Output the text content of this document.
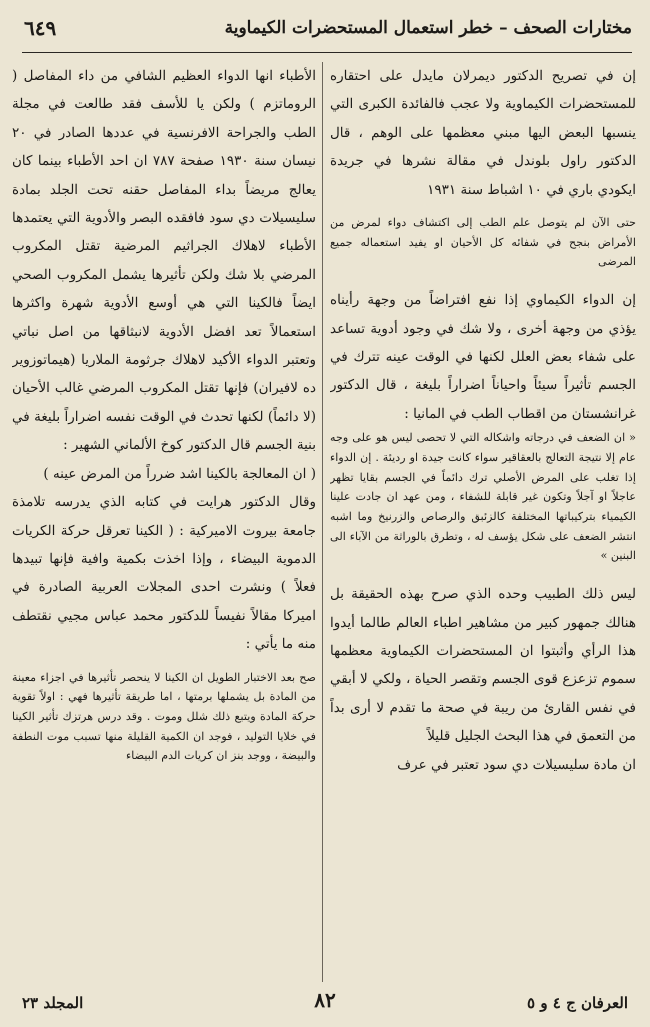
مختارات الصحف – خطر استعمال المستحضرات الكيماوية
٦٤٩

إن في تصريح الدكتور ديمرلان مايدل على احتقاره للمستحضرات الكيماوية ولا عجب فالفائدة الكبرى التي ينسبها البعض اليها مبني معظمها على الوهم ، قال الدكتور راول بلوندل في مقالة نشرها في جريدة ايكودي باري في ١٠ اشباط سنة ١٩٣١

حتى الآن لم يتوصل علم الطب إلى اكتشاف دواء لمرض من الأمراض بنجح في شفائه كل الأحيان او يفيد استعماله جميع المرضى

إن الدواء الكيماوي إذا نفع افتراضاً من وجهة رأيناه يؤذي من وجهة أخرى ، ولا شك في وجود أدوية تساعد على شفاء بعض العلل لكنها في الوقت عينه تترك في الجسم تأثيراً سيئاً واحياناً اضراراً بليغة ، قال الدكتور غرانشستان من اقطاب الطب في المانيا :

« ان الضعف في درجاته واشكاله التي لا تحصى ليس هو على وجه عام إلا نتيجة التعالج بالعقاقير سواء كانت جيدة او رديئة . إن الدواء إذا تغلب على المرض الأصلي ترك دائماً في الجسم بقايا تظهر عاجلاً او آجلاً وتكون غير قابلة للشفاء ، ومن عهد ان جادت علينا الكيمياء بتركيباتها المختلفة كالزئبق والرصاص والزرنيخ وما اشبه انتشر الضعف على شكل يؤسف له ، وتطرق بالوراثة من الآباء الى البنين »

ليس ذلك الطبيب وحده الذي صرح بهذه الحقيقة بل هنالك جمهور كبير من مشاهير اطباء العالم طالما أيدوا هذا الرأي وأثبتوا ان المستحضرات الكيماوية معظمها سموم تزعزع قوى الجسم وتقصر الحياة ، ولكي لا أبقي في نفس القارئ من ريبة في صحة ما تقدم لا أرى بداً من التعمق في هذا البحث الجليل قليلاً

ان مادة سليسيلات دي سود تعتبر في عرف

الأطباء انها الدواء العظيم الشافي من داء المفاصل ( الروماتزم ) ولكن يا للأسف فقد طالعت في مجلة الطب والجراحة الافرنسية في عددها الصادر في ٢٠ نيسان سنة ١٩٣٠ صفحة ٧٨٧ ان احد الأطباء بينما كان يعالج مريضاً بداء المفاصل حقنه تحت الجلد بمادة سليسيلات دي سود فافقده البصر والأدوية التي يعتمدها الأطباء لاهلاك الجراثيم المرضية تقتل المكروب المرضي بلا شك ولكن تأثيرها يشمل المكروب الصحي ايضاً فالكينا التي هي أوسع الأدوية شهرة واكثرها استعمالاً تعد افضل الأدوية لانبثاقها من اصل نباتي وتعتبر الدواء الأكيد لاهلاك جرثومة الملاريا (هيماتوزوير ده لافيران) فإنها تقتل المكروب المرضي غالب الأحيان (لا دائماً) لكنها تحدث في الوقت نفسه اضراراً بليغة في بنية الجسم قال الدكتور كوخ الألماني الشهير :

( ان المعالجة بالكينا اشد ضرراً من المرض عينه )

وقال الدكتور هرايت في كتابه الذي يدرسه تلامذة جامعة بيروت الاميركية : ( الكينا تعرقل حركة الكريات الدموية البيضاء ، وإذا اخذت بكمية وافية فإنها تبيدها فعلاً ) ونشرت احدى المجلات العربية الصادرة في اميركا مقالاً نفيساً للدكتور محمد عباس مجيي نقتطف منه ما يأتي :

صح بعد الاختبار الطويل ان الكينا لا ينحصر تأثيرها في اجزاء معينة من المادة بل يشملها برمتها ، اما طريقة تأثيرها فهي : اولاً تقوية حركة المادة ويتبع ذلك شلل وموت . وقد درس هرتزك تأثير الكينا في خلايا التوليد ، فوجد ان الكمية القليلة منها تسبب موت النطفة والبيضة ، ووجد بنز ان كريات الدم البيضاء

العرفان ج ٤ و ٥
٨٢
المجلد ٢٣
